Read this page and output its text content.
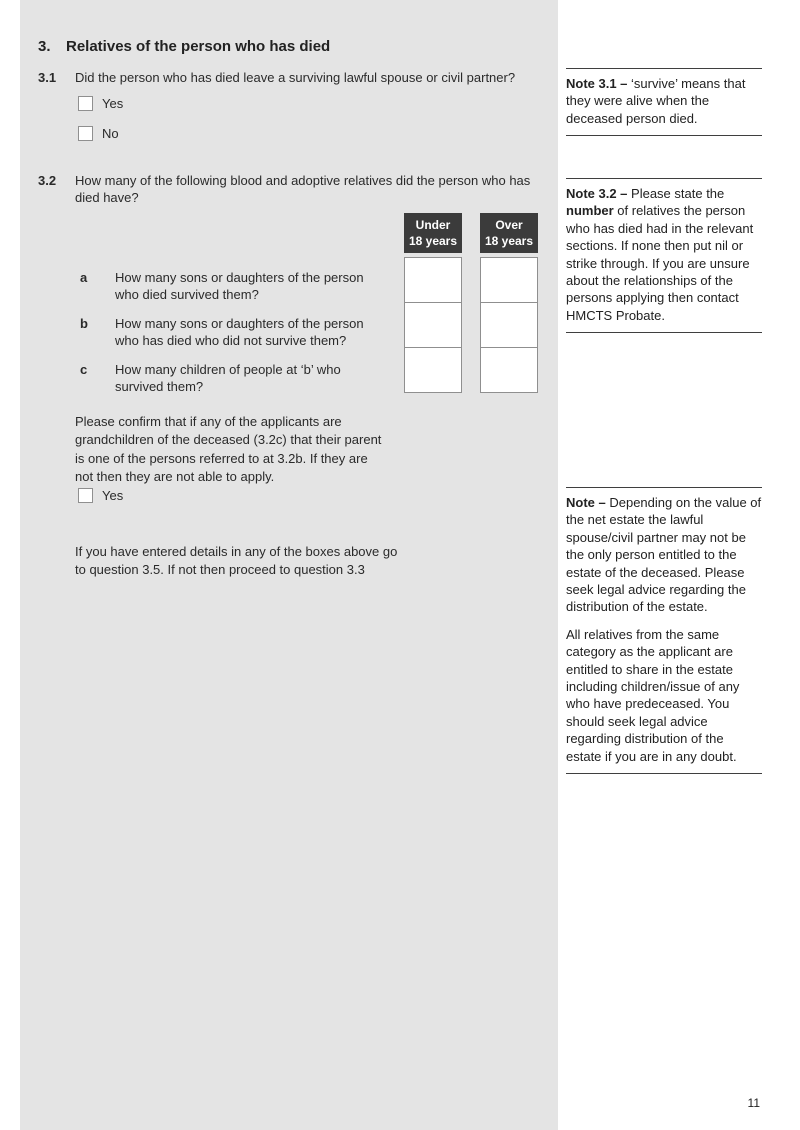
3.	Relatives of the person who has died
3.1	Did the person who has died leave a surviving lawful spouse or civil partner?
Yes
No
3.2	How many of the following blood and adoptive relatives did the person who has died have?
Under
18 years
Over
18 years
a	How many sons or daughters of the person who died survived them?
b	How many sons or daughters of the person who has died who did not survive them?
c	How many children of people at ‘b’ who survived them?
Please confirm that if any of the applicants are grandchildren of the deceased (3.2c) that their parent is one of the persons referred to at 3.2b. If they are not then they are not able to apply.
Yes
If you have entered details in any of the boxes above go to question 3.5. If not then proceed to question 3.3

Note 3.1 – ‘survive’ means that they were alive when the deceased person died.

Note 3.2 – Please state the number of relatives the person who has died had in the relevant sections. If none then put nil or strike through. If you are unsure about the relationships of the persons applying then contact HMCTS Probate.

Note – Depending on the value of the net estate the lawful spouse/civil partner may not be the only person entitled to the estate of the deceased. Please seek legal advice regarding the distribution of the estate.

All relatives from the same category as the applicant are entitled to share in the estate including children/issue of any who have predeceased. You should seek legal advice regarding distribution of the estate if you are in any doubt.

11
